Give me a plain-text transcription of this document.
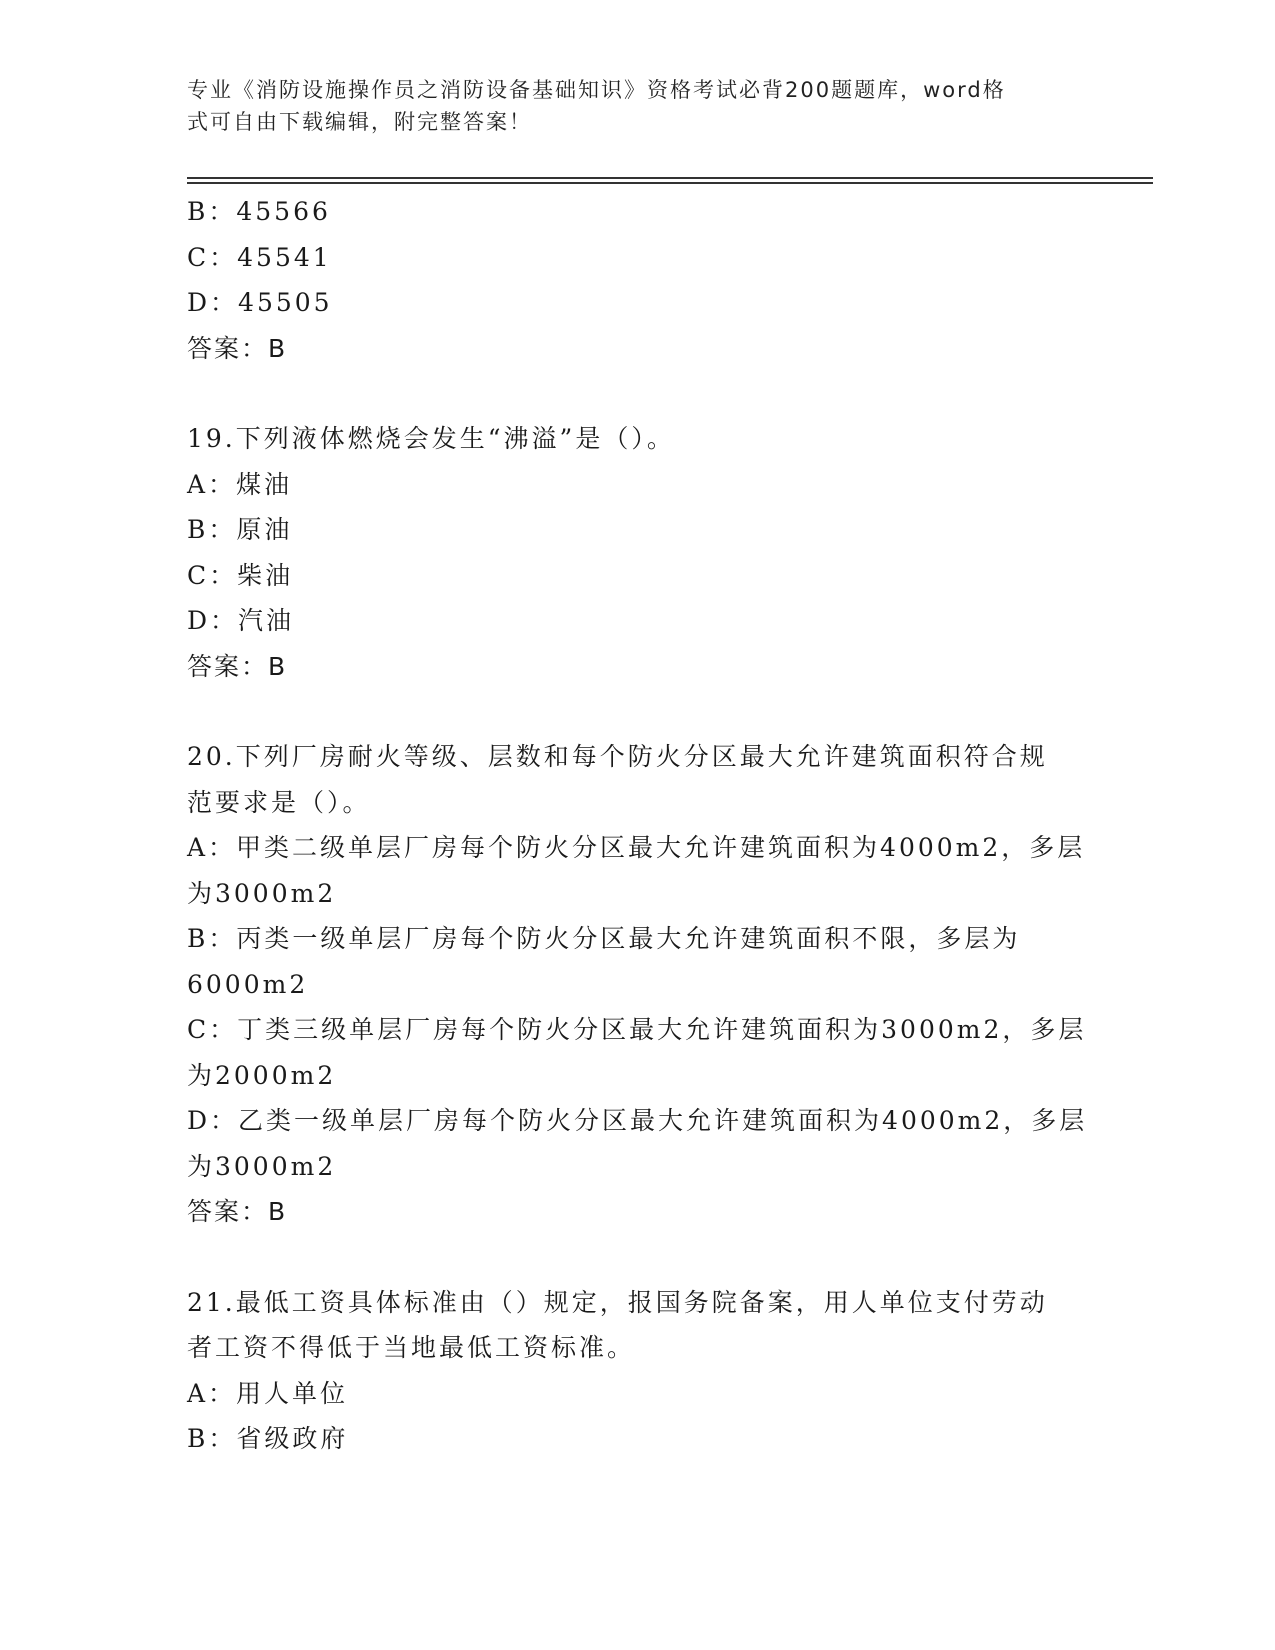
专业《消防设施操作员之消防设备基础知识》资格考试必背200题题库，word格
式可自由下载编辑，附完整答案！
B：45566
C：45541
D：45505
答案：B
19.下列液体燃烧会发生“沸溢”是（）。
A：煤油
B：原油
C：柴油
D：汽油
答案：B
20.下列厂房耐火等级、层数和每个防火分区最大允许建筑面积符合规
范要求是（）。
A：甲类二级单层厂房每个防火分区最大允许建筑面积为4000m2，多层
为3000m2
B：丙类一级单层厂房每个防火分区最大允许建筑面积不限，多层为
6000m2
C：丁类三级单层厂房每个防火分区最大允许建筑面积为3000m2，多层
为2000m2
D：乙类一级单层厂房每个防火分区最大允许建筑面积为4000m2，多层
为3000m2
答案：B
21.最低工资具体标准由（）规定，报国务院备案，用人单位支付劳动
者工资不得低于当地最低工资标准。
A：用人单位
B：省级政府
